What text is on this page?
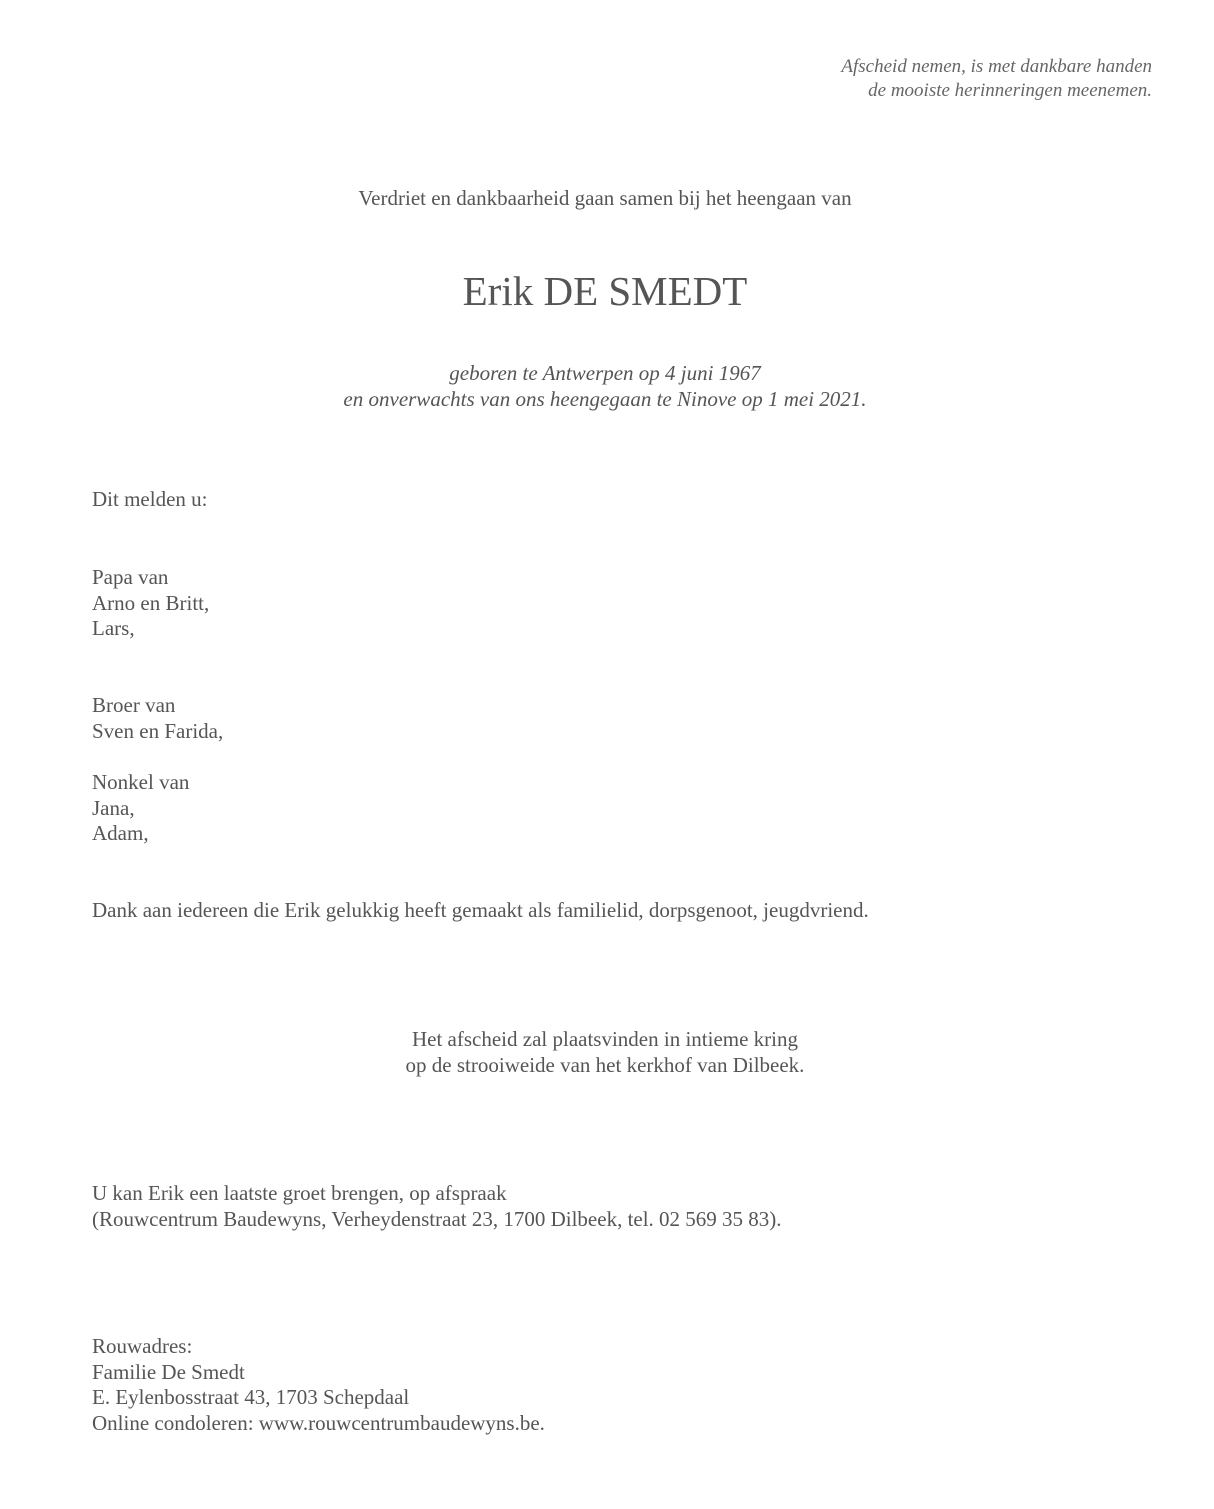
Afscheid nemen, is met dankbare handen
de mooiste herinneringen meenemen.
Verdriet en dankbaarheid gaan samen bij het heengaan van
Erik DE SMEDT
geboren te Antwerpen op 4 juni 1967
en onverwachts van ons heengegaan te Ninove op 1 mei 2021.
Dit melden u:
Papa van
Arno en Britt,
Lars,
Broer van
Sven en Farida,
Nonkel van
Jana,
Adam,
Dank aan iedereen die Erik gelukkig heeft gemaakt als familielid, dorpsgenoot, jeugdvriend.
Het afscheid zal plaatsvinden in intieme kring
op de strooiweide van het kerkhof van Dilbeek.
U kan Erik een laatste groet brengen, op afspraak
(Rouwcentrum Baudewyns, Verheydenstraat 23, 1700 Dilbeek, tel. 02 569 35 83).
Rouwadres:
Familie De Smedt
E. Eylenbosstraat 43, 1703 Schepdaal
Online condoleren: www.rouwcentrumbaudewyns.be.
